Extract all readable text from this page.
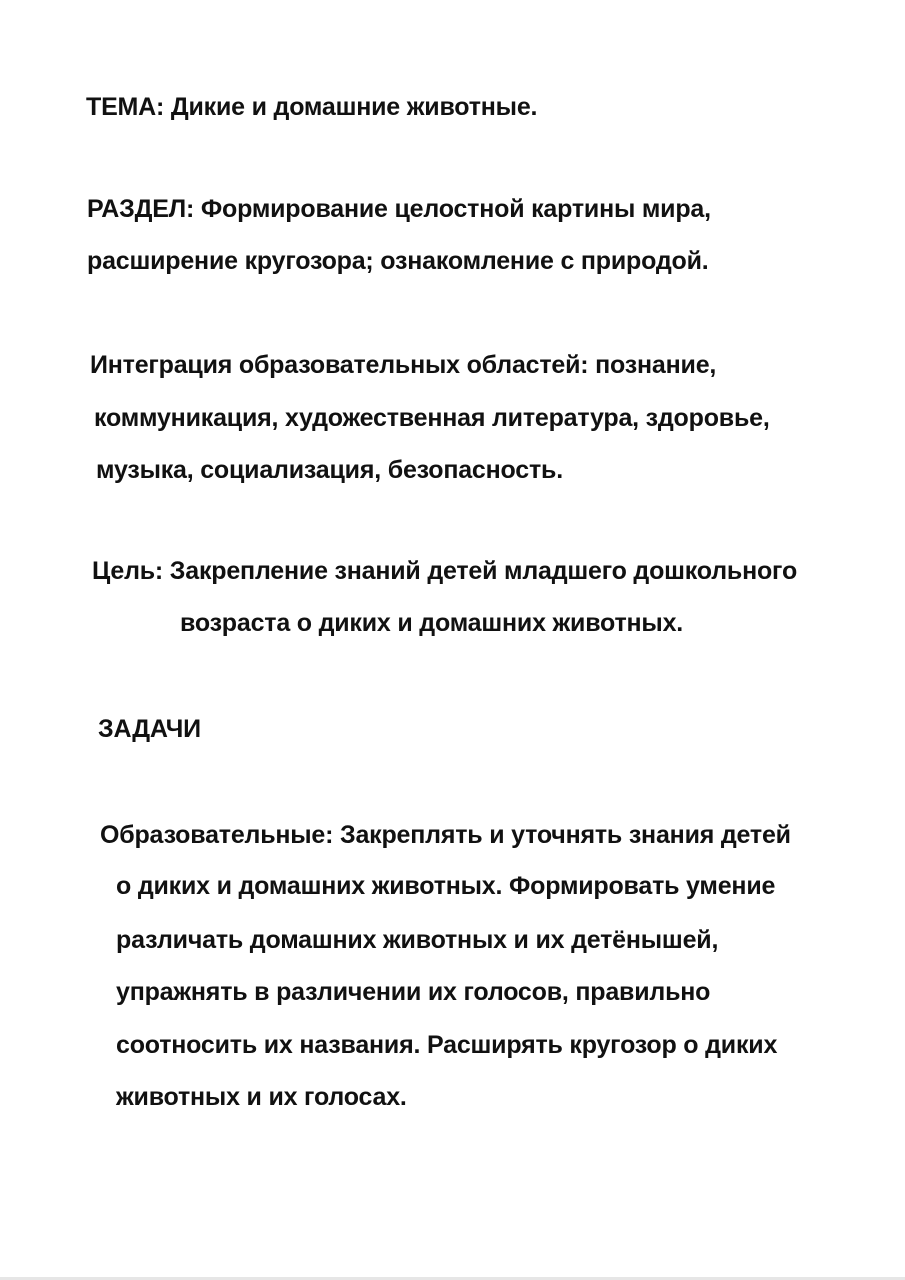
ТЕМА: Дикие и домашние животные.
РАЗДЕЛ: Формирование целостной картины мира,
расширение кругозора; ознакомление с природой.
Интеграция образовательных областей: познание,
коммуникация, художественная литература, здоровье,
музыка, социализация, безопасность.
Цель: Закрепление знаний детей младшего дошкольного
возраста о диких и домашних животных.
ЗАДАЧИ
Образовательные: Закреплять и уточнять знания детей
о диких и домашних животных. Формировать умение
различать домашних животных и их детёнышей,
упражнять в различении их голосов, правильно
соотносить их названия. Расширять кругозор о диких
животных и их голосах.
